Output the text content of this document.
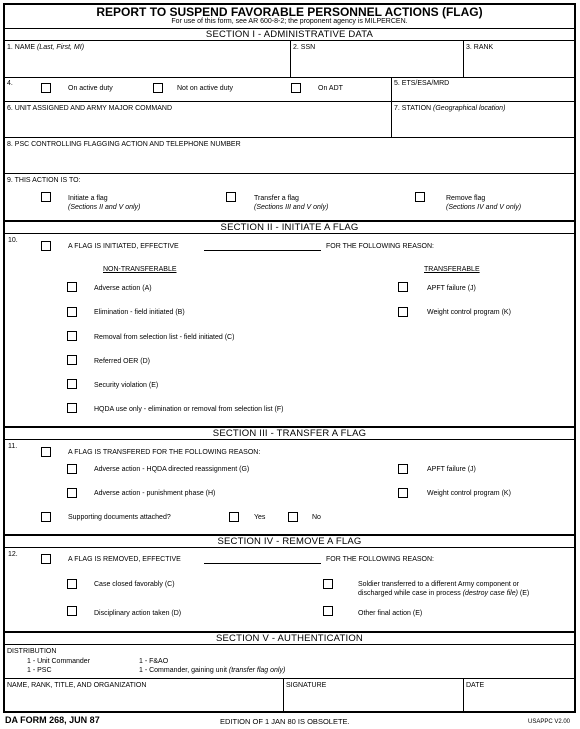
REPORT TO SUSPEND FAVORABLE PERSONNEL ACTIONS (FLAG)
For use of this form, see AR 600-8-2; the proponent agency is MILPERCEN.
SECTION I - ADMINISTRATIVE DATA
1. NAME (Last, First, MI)	2. SSN	3. RANK
4.
On active duty	Not on active duty	On ADT
5. ETS/ESA/MRD
6. UNIT ASSIGNED AND ARMY MAJOR COMMAND	7. STATION (Geographical location)
8. PSC CONTROLLING FLAGGING ACTION AND TELEPHONE NUMBER
9. THIS ACTION IS TO:
Initiate a flag
(Sections II and V only)
Transfer a flag
(Sections III and V only)
Remove flag
(Sections IV and V only)
SECTION II - INITIATE A FLAG
10.
A FLAG IS INITIATED, EFFECTIVE	FOR THE FOLLOWING REASON:
NON-TRANSFERABLE	TRANSFERABLE
Adverse action (A)
Elimination - field initiated (B)
Removal from selection list - field initiated (C)
Referred OER (D)
Security violation (E)
HQDA use only - elimination or removal from selection list (F)
APFT failure (J)
Weight control program (K)
SECTION III - TRANSFER A FLAG
11.
A FLAG IS TRANSFERED FOR THE FOLLOWING REASON:
Adverse action - HQDA directed reassignment (G)
Adverse action - punishment phase (H)
APFT failure (J)
Weight control program (K)
Supporting documents attached?	Yes	No
SECTION IV - REMOVE A FLAG
12.
A FLAG IS REMOVED, EFFECTIVE	FOR THE FOLLOWING REASON:
Case closed favorably (C)
Disciplinary action taken (D)
Soldier transferred to a different Army component or
discharged while case in process (destroy case file) (E)
Other final action (E)
SECTION V - AUTHENTICATION
DISTRIBUTION
1 - Unit Commander
1 - PSC
1 - F&AO
1 - Commander, gaining unit (transfer flag only)
NAME, RANK, TITLE, AND ORGANIZATION	SIGNATURE	DATE
DA FORM 268, JUN 87	EDITION OF 1 JAN 80 IS OBSOLETE.	USAPPC V2.00
